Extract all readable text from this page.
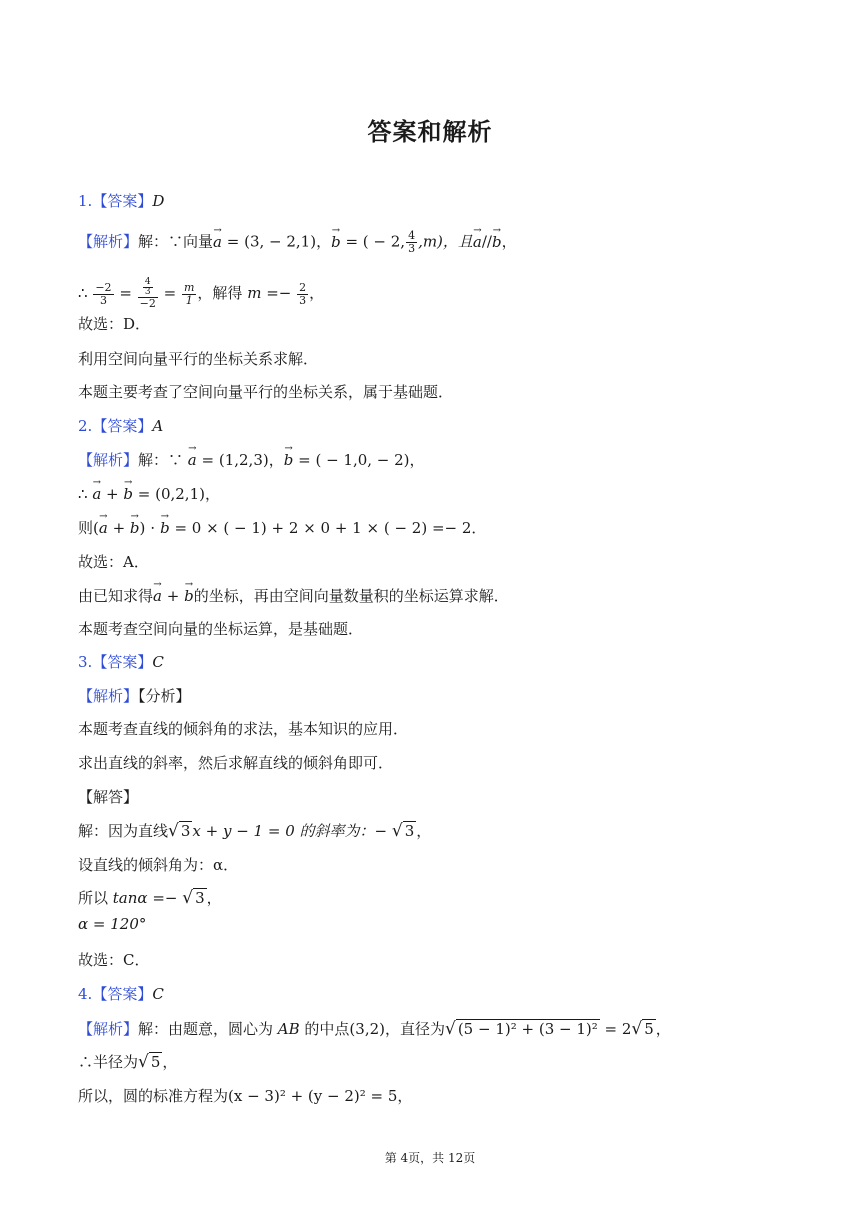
答案和解析
1.【答案】D
【解析】解：∵向量→ a = (3, − 2,1)，→ b = ( − 2, $\frac{4}{3} ,m$)，且→ a//→ b，
∴ $\frac{-2}{3} = \frac{\frac{4}{3}}{-2} = \frac{m}{1}$ ，解得 $m =- \frac{2}{3}$ ，
故选：D．
利用空间向量平行的坐标关系求解．
本题主要考查了空间向量平行的坐标关系，属于基础题．
2.【答案】A
【解析】解：∵ → a = (1,2,3)，→ b = ( − 1,0, − 2)，
∴ → a + → b = (0,2,1)，
则(→ a + → b) ⋅ → b = 0 × ( − 1) + 2 × 0 + 1 × ( − 2) =− 2．
故选：A．
由已知求得→ a + → b的坐标，再由空间向量数量积的坐标运算求解．
本题考查空间向量的坐标运算，是基础题．
3.【答案】C
【解析】【分析】
本题考查直线的倾斜角的求法，基本知识的应用．
求出直线的斜率，然后求解直线的倾斜角即可．
【解答】
解：因为直线√ 3 x + y − 1 = 0 的斜率为：− √ 3 ，
设直线的倾斜角为：α．
所以 tanα =− √ 3 ，
α = 120°
故选：C．
4.【答案】C
【解析】解：由题意，圆心为 AB 的中点(3,2)，直径为√ (5 − 1)² + (3 − 1)² = 2√ 5 ，
∴半径为√ 5 ，
所以，圆的标准方程为(x − 3)² + (y − 2)² = 5，
第 4页，共 12页
